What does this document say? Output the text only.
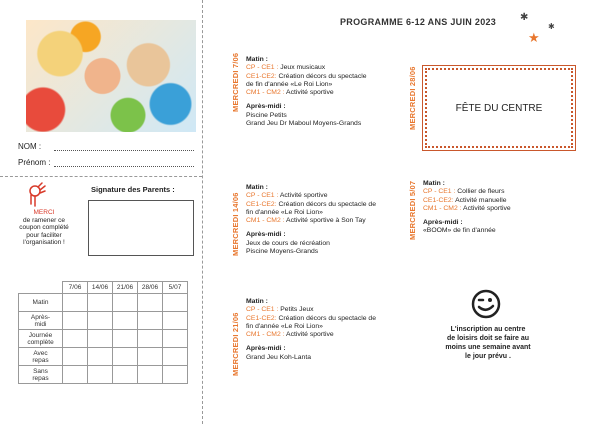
NOM :
Prénom :
MERCI
de ramener ce
coupon complété
pour faciliter
l'organisation !
Signature des Parents :
	7/06	14/06	21/06	28/06	5/07

Matin					

Après-
midi					

Journée
complète					

Avec
repas					

Sans
repas					

PROGRAMME 6-12 ANS JUIN 2023 ✱
✱
★
MERCREDI 7/06 Matin :
CP - CE1 : Jeux musicaux
CE1-CE2: Création décors du spectacle
de fin d'année «Le Roi Lion»
CM1 - CM2 : Activité sportive
Après-midi :
Piscine Petits
Grand Jeu Dr Maboul Moyens-Grands
MERCREDI 14/06
Matin :
CP - CE1 : Activité sportive
CE1-CE2: Création décors du spectacle de
fin d'année «Le Roi Lion»
CM1 - CM2 : Activité sportive à Son Tay
Après-midi :
Jeux de cours de récréation
Piscine Moyens-Grands
MERCREDI 21/06
Matin :
CP - CE1 : Petits Jeux
CE1-CE2: Création décors du spectacle de
fin d'année «Le Roi Lion»
CM1 - CM2 : Activité sportive
Après-midi :
Grand Jeu Koh-Lanta
MERCREDI 28/06	FÊTE DU CENTRE
MERCREDI 5/07 Matin :
CP - CE1 : Collier de fleurs
CE1-CE2: Activité manuelle
CM1 - CM2 : Activité sportive
Après-midi :
«BOOM» de fin d'année
L'inscription au centre
de loisirs doit se faire au
moins une semaine avant
le jour prévu .
